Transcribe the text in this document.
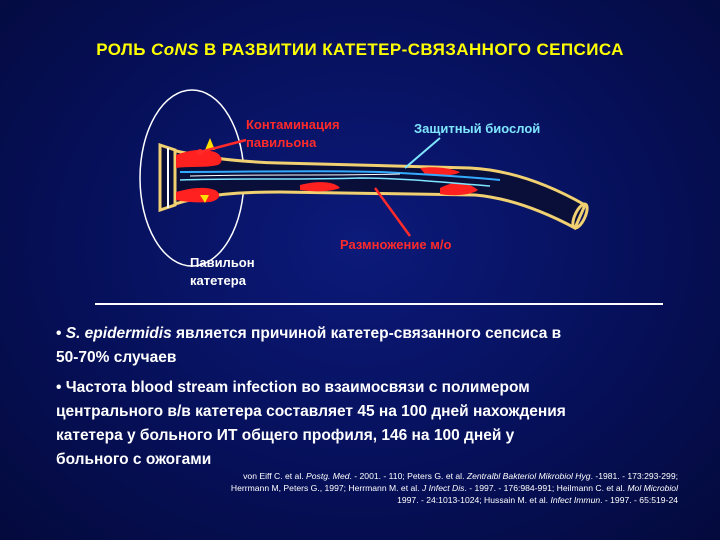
РОЛЬ CoNS В РАЗВИТИИ КАТЕТЕР-СВЯЗАННОГО СЕПСИСА
Контаминация
павильона
Защитный биослой
Размножение м/о
Павильон
катетера
• S. epidermidis является причиной катетер-связанного сепсиса в
50-70% случаев
• Частота blood stream infection во взаимосвязи с полимером
центрального в/в катетера составляет 45 на 100 дней нахождения
катетера у больного ИТ общего профиля, 146 на 100 дней у
больного с ожогами
von Eiff C. et al. Postg. Med. - 2001. - 110; Peters G. et al. Zentralbl Bakteriol Mikrobiol Hyg. -1981. - 173:293-299;
Herrmann M, Peters G., 1997; Herrmann M. et al. J Infect Dis. - 1997. - 176:984-991; Heilmann C. et al. Mol Microbiol
1997. - 24:1013-1024; Hussain M. et al. Infect Immun. - 1997. - 65:519-24
